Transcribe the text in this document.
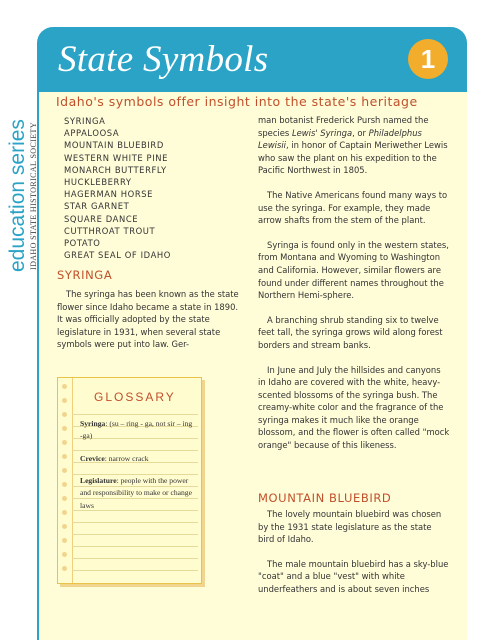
State Symbols	1
education series IDAHO STATE HISTORICAL SOCIETY
Idaho's symbols offer insight into the state's heritage
SYRINGA
APPALOOSA
MOUNTAIN BLUEBIRD
WESTERN WHITE PINE
MONARCH BUTTERFLY
HUCKLEBERRY
HAGERMAN HORSE
STAR GARNET
SQUARE DANCE
CUTTHROAT TROUT
POTATO
GREAT SEAL OF IDAHO
SYRINGA

The syringa has been known as the state flower since Idaho became a state in 1890. It was officially adopted by the state legislature in 1931, when several state symbols were put into law. Ger-

GLOSSARY
Syringa: (su – ring - ga, not sir – ing -ga)
Crevice: narrow crack
Legislature: people with the power and responsibility to make or change laws

man botanist Frederick Pursh named the species Lewis' Syringa, or Philadelphus Lewisii, in honor of Captain Meriwether Lewis who saw the plant on his expedition to the Pacific Northwest in 1805.

The Native Americans found many ways to use the syringa. For example, they made arrow shafts from the stem of the plant.

Syringa is found only in the western states, from Montana and Wyoming to Washington and California. However, similar flowers are found under different names throughout the Northern Hemi-sphere.

A branching shrub standing six to twelve feet tall, the syringa grows wild along forest borders and stream banks.

In June and July the hillsides and canyons in Idaho are covered with the white, heavy-scented blossoms of the syringa bush. The creamy-white color and the fragrance of the syringa makes it much like the orange blossom, and the flower is often called "mock orange" because of this likeness.

MOUNTAIN BLUEBIRD

The lovely mountain bluebird was chosen by the 1931 state legislature as the state bird of Idaho.

The male mountain bluebird has a sky-blue "coat" and a blue "vest" with white underfeathers and is about seven inches
